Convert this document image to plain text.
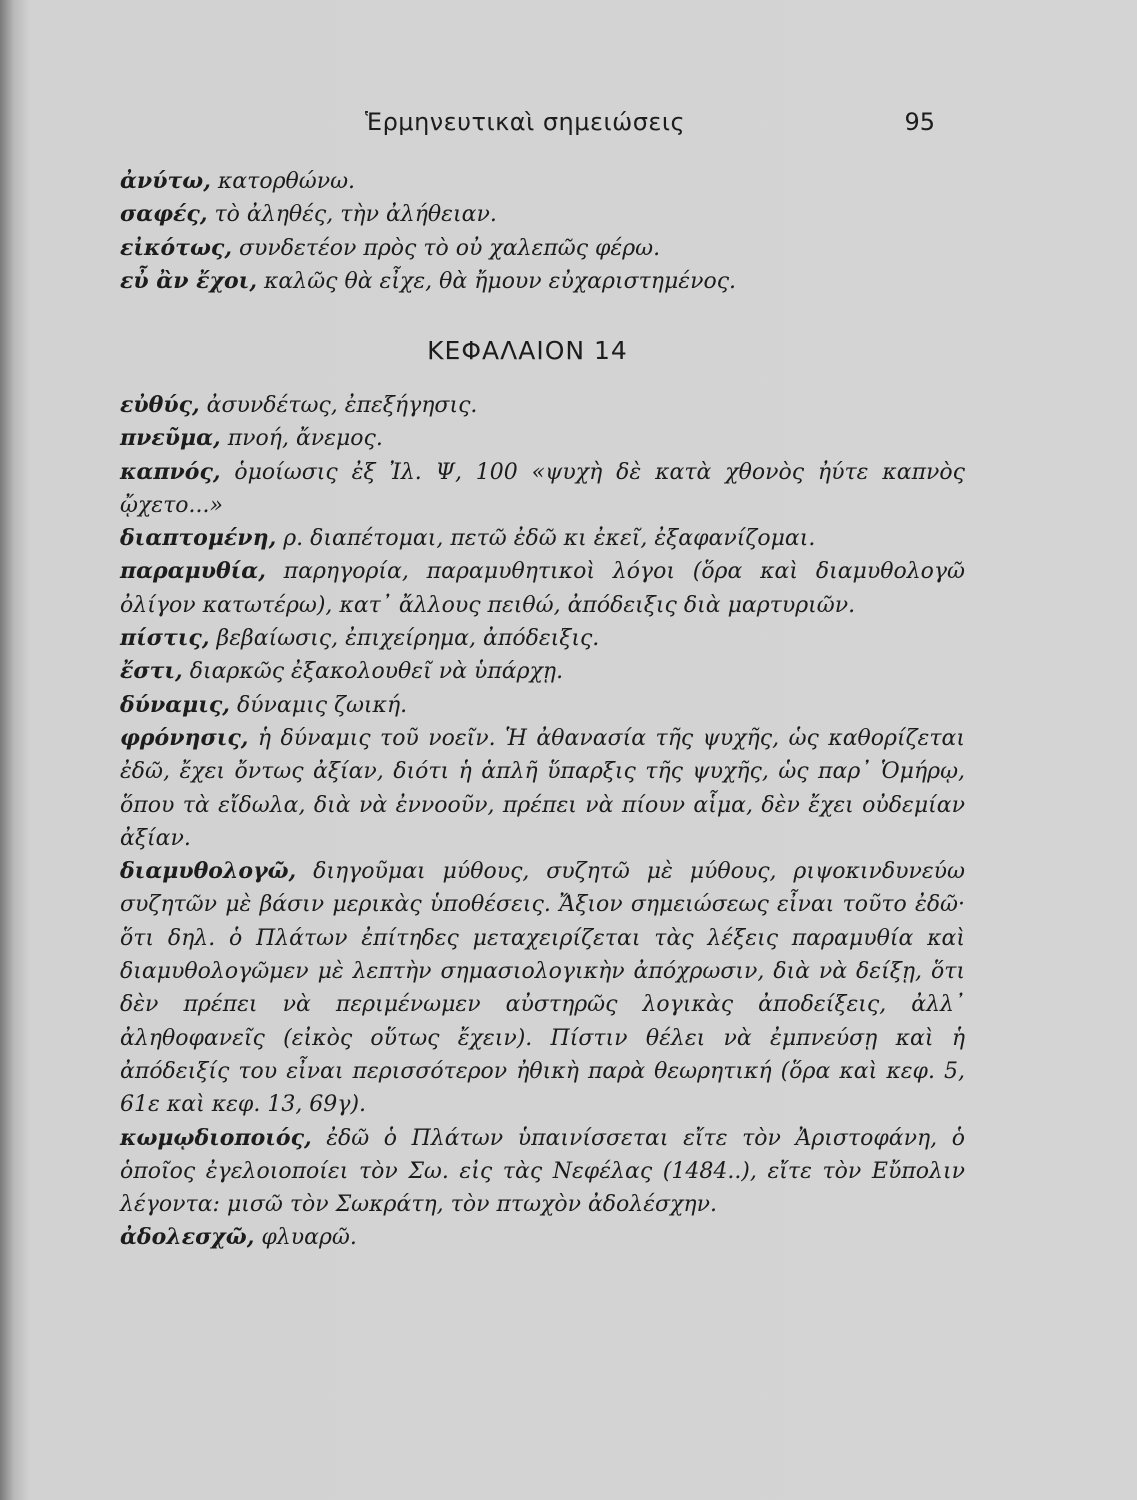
Ἑρμηνευτικαὶ σημειώσεις	95

ἀνύτω, κατορθώνω.

σαφές, τὸ ἀληθές, τὴν ἀλήθειαν.

εἰκότως, συνδετέον πρὸς τὸ οὐ χαλεπῶς φέρω.

εὖ ἂν ἔχοι, καλῶς θὰ εἶχε, θὰ ἤμουν εὐχαριστημένος.

ΚΕΦΑΛΑΙΟΝ 14

εὐθύς, ἀσυνδέτως, ἐπεξήγησις.

πνεῦμα, πνοή, ἄνεμος.

καπνός, ὁμοίωσις ἐξ Ἰλ. Ψ, 100 «ψυχὴ δὲ κατὰ χθονὸς ἠύτε καπνὸς ᾤχετο...»

διαπτομένη, ρ. διαπέτομαι, πετῶ ἐδῶ κι ἐκεῖ, ἐξαφανίζομαι.

παραμυθία, παρηγορία, παραμυθητικοὶ λόγοι (ὅρα καὶ διαμυθολογῶ ὀλίγον κατωτέρω), κατ᾽ ἄλλους πειθώ, ἀπόδειξις διὰ μαρτυριῶν.

πίστις, βεβαίωσις, ἐπιχείρημα, ἀπόδειξις.

ἔστι, διαρκῶς ἐξακολουθεῖ νὰ ὑπάρχῃ.

δύναμις, δύναμις ζωική.

φρόνησις, ἡ δύναμις τοῦ νοεῖν. Ἡ ἀθανασία τῆς ψυχῆς, ὡς καθορίζεται ἐδῶ, ἔχει ὄντως ἀξίαν, διότι ἡ ἁπλῆ ὕπαρξις τῆς ψυχῆς, ὡς παρ᾽ Ὁμήρῳ, ὅπου τὰ εἴδωλα, διὰ νὰ ἐννοοῦν, πρέπει νὰ πίουν αἷμα, δὲν ἔχει οὐδεμίαν ἀξίαν.

διαμυθολογῶ, διηγοῦμαι μύθους, συζητῶ μὲ μύθους, ριψοκινδυνεύω συζητῶν μὲ βάσιν μερικὰς ὑποθέσεις. Ἄξιον σημειώσεως εἶναι τοῦτο ἐδῶ· ὅτι δηλ. ὁ Πλάτων ἐπίτηδες μεταχειρίζεται τὰς λέξεις παραμυθία καὶ διαμυθολογῶμεν μὲ λεπτὴν σημασιολογικὴν ἀπόχρωσιν, διὰ νὰ δείξῃ, ὅτι δὲν πρέπει νὰ περιμένωμεν αὐστηρῶς λογικὰς ἀποδείξεις, ἀλλ᾽ ἀληθοφανεῖς (εἰκὸς οὕτως ἔχειν). Πίστιν θέλει νὰ ἐμπνεύσῃ καὶ ἡ ἀπόδειξίς του εἶναι περισσότερον ἠθικὴ παρὰ θεωρητική (ὅρα καὶ κεφ. 5, 61ε καὶ κεφ. 13, 69γ).

κωμῳδιοποιός, ἐδῶ ὁ Πλάτων ὑπαινίσσεται εἴτε τὸν Ἀριστοφάνη, ὁ ὁποῖος ἐγελοιοποίει τὸν Σω. εἰς τὰς Νεφέλας (1484..), εἴτε τὸν Εὔπολιν λέγοντα: μισῶ τὸν Σωκράτη, τὸν πτωχὸν ἀδολέσχην.

ἀδολεσχῶ, φλυαρῶ.
